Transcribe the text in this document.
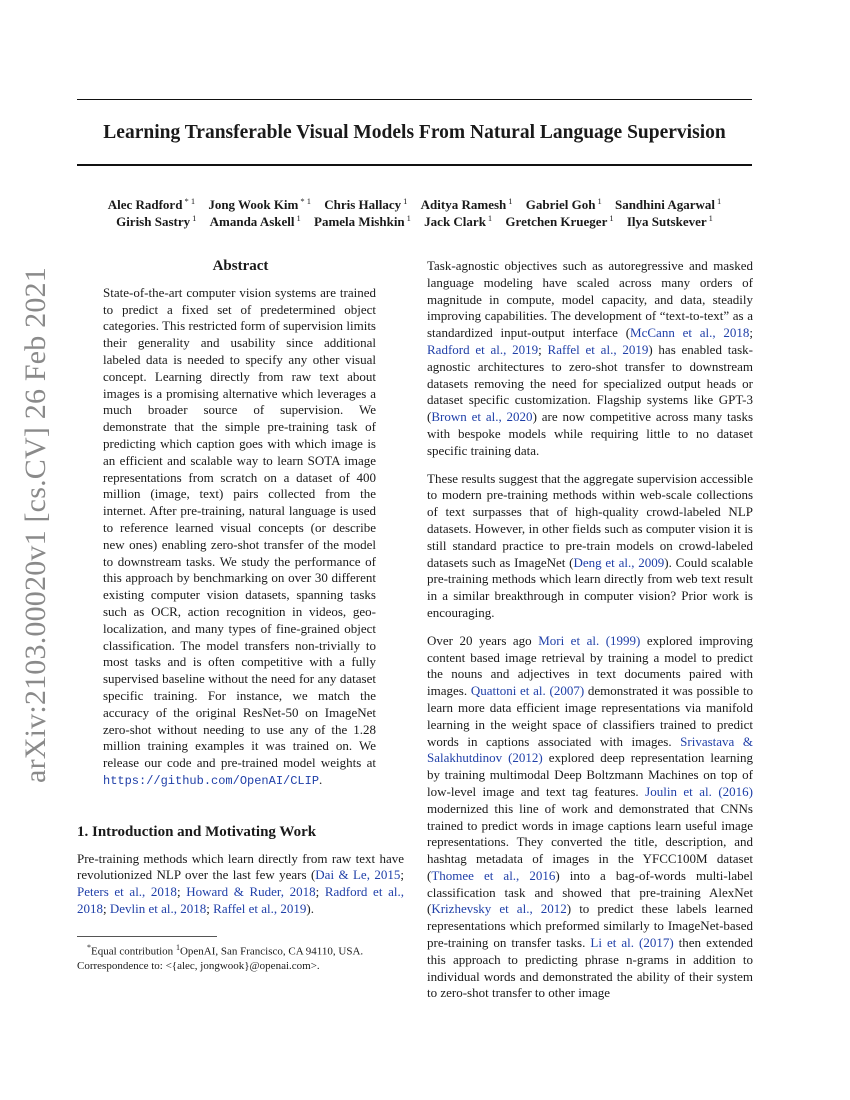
Learning Transferable Visual Models From Natural Language Supervision
Alec Radford $^{* 1}$ Jong Wook Kim $^{* 1}$ Chris Hallacy $^1$ Aditya Ramesh $^1$ Gabriel Goh $^1$ Sandhini Agarwal $^1$
Girish Sastry $^1$ Amanda Askell $^1$ Pamela Mishkin $^1$ Jack Clark $^1$ Gretchen Krueger $^1$ Ilya Sutskever $^1$
arXiv:2103.00020v1 [cs.CV] 26 Feb 2021
Abstract

State-of-the-art computer vision systems are trained to predict a fixed set of predetermined object categories. This restricted form of supervision limits their generality and usability since additional labeled data is needed to specify any other visual concept. Learning directly from raw text about images is a promising alternative which leverages a much broader source of supervision. We demonstrate that the simple pre-training task of predicting which caption goes with which image is an efficient and scalable way to learn SOTA image representations from scratch on a dataset of 400 million (image, text) pairs collected from the internet. After pre-training, natural language is used to reference learned visual concepts (or describe new ones) enabling zero-shot transfer of the model to downstream tasks. We study the performance of this approach by benchmarking on over 30 different existing computer vision datasets, spanning tasks such as OCR, action recognition in videos, geo-localization, and many types of fine-grained object classification. The model transfers non-trivially to most tasks and is often competitive with a fully supervised baseline without the need for any dataset specific training. For instance, we match the accuracy of the original ResNet-50 on ImageNet zero-shot without needing to use any of the 1.28 million training examples it was trained on. We release our code and pre-trained model weights at https://github.com/OpenAI/CLIP.

1. Introduction and Motivating Work

Pre-training methods which learn directly from raw text have revolutionized NLP over the last few years (Dai & Le, 2015; Peters et al., 2018; Howard & Ruder, 2018; Radford et al., 2018; Devlin et al., 2018; Raffel et al., 2019).

*Equal contribution $^1$OpenAI, San Francisco, CA 94110, USA.
Correspondence to: <{alec, jongwook}@openai.com>.

Task-agnostic objectives such as autoregressive and masked language modeling have scaled across many orders of magnitude in compute, model capacity, and data, steadily improving capabilities. The development of “text-to-text” as a standardized input-output interface (McCann et al., 2018; Radford et al., 2019; Raffel et al., 2019) has enabled task-agnostic architectures to zero-shot transfer to downstream datasets removing the need for specialized output heads or dataset specific customization. Flagship systems like GPT-3 (Brown et al., 2020) are now competitive across many tasks with bespoke models while requiring little to no dataset specific training data.

These results suggest that the aggregate supervision accessible to modern pre-training methods within web-scale collections of text surpasses that of high-quality crowd-labeled NLP datasets. However, in other fields such as computer vision it is still standard practice to pre-train models on crowd-labeled datasets such as ImageNet (Deng et al., 2009). Could scalable pre-training methods which learn directly from web text result in a similar breakthrough in computer vision? Prior work is encouraging.

Over 20 years ago Mori et al. (1999) explored improving content based image retrieval by training a model to predict the nouns and adjectives in text documents paired with images. Quattoni et al. (2007) demonstrated it was possible to learn more data efficient image representations via manifold learning in the weight space of classifiers trained to predict words in captions associated with images. Srivastava & Salakhutdinov (2012) explored deep representation learning by training multimodal Deep Boltzmann Machines on top of low-level image and text tag features. Joulin et al. (2016) modernized this line of work and demonstrated that CNNs trained to predict words in image captions learn useful image representations. They converted the title, description, and hashtag metadata of images in the YFCC100M dataset (Thomee et al., 2016) into a bag-of-words multi-label classification task and showed that pre-training AlexNet (Krizhevsky et al., 2012) to predict these labels learned representations which preformed similarly to ImageNet-based pre-training on transfer tasks. Li et al. (2017) then extended this approach to predicting phrase n-grams in addition to individual words and demonstrated the ability of their system to zero-shot transfer to other image
